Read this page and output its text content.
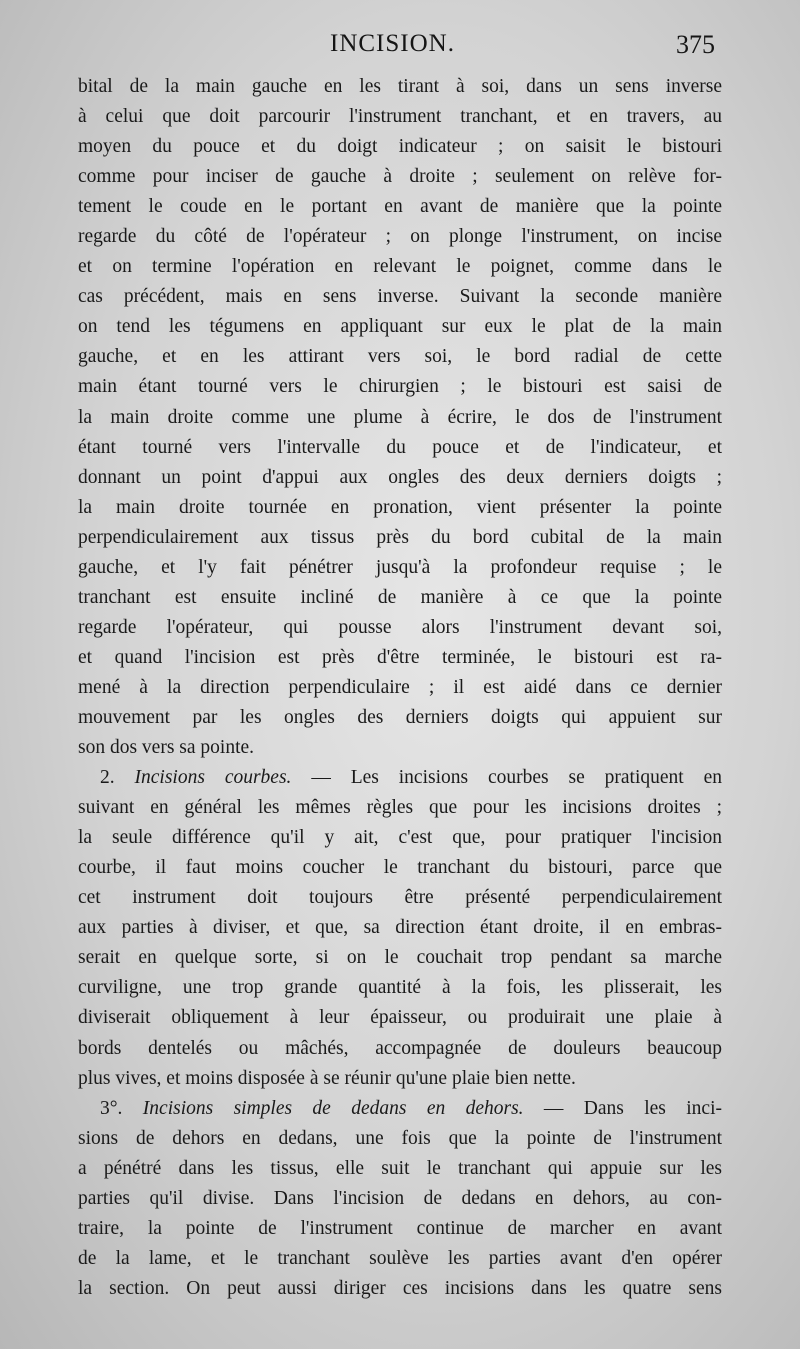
INCISION.	375
bital de la main gauche en les tirant à soi, dans un sens inverse
à celui que doit parcourir l'instrument tranchant, et en travers, au
moyen du pouce et du doigt indicateur ; on saisit le bistouri
comme pour inciser de gauche à droite ; seulement on relève for-
tement le coude en le portant en avant de manière que la pointe
regarde du côté de l'opérateur ; on plonge l'instrument, on incise
et on termine l'opération en relevant le poignet, comme dans le
cas précédent, mais en sens inverse. Suivant la seconde manière
on tend les tégumens en appliquant sur eux le plat de la main
gauche, et en les attirant vers soi, le bord radial de cette
main étant tourné vers le chirurgien ; le bistouri est saisi de
la main droite comme une plume à écrire, le dos de l'instrument
étant tourné vers l'intervalle du pouce et de l'indicateur, et
donnant un point d'appui aux ongles des deux derniers doigts ;
la main droite tournée en pronation, vient présenter la pointe
perpendiculairement aux tissus près du bord cubital de la main
gauche, et l'y fait pénétrer jusqu'à la profondeur requise ; le
tranchant est ensuite incliné de manière à ce que la pointe
regarde l'opérateur, qui pousse alors l'instrument devant soi,
et quand l'incision est près d'être terminée, le bistouri est ra-
mené à la direction perpendiculaire ; il est aidé dans ce dernier
mouvement par les ongles des derniers doigts qui appuient sur
son dos vers sa pointe.
2. Incisions courbes. — Les incisions courbes se pratiquent en
suivant en général les mêmes règles que pour les incisions droites ;
la seule différence qu'il y ait, c'est que, pour pratiquer l'incision
courbe, il faut moins coucher le tranchant du bistouri, parce que
cet instrument doit toujours être présenté perpendiculairement
aux parties à diviser, et que, sa direction étant droite, il en embras-
serait en quelque sorte, si on le couchait trop pendant sa marche
curviligne, une trop grande quantité à la fois, les plisserait, les
diviserait obliquement à leur épaisseur, ou produirait une plaie à
bords dentelés ou mâchés, accompagnée de douleurs beaucoup
plus vives, et moins disposée à se réunir qu'une plaie bien nette.
3°. Incisions simples de dedans en dehors. — Dans les inci-
sions de dehors en dedans, une fois que la pointe de l'instrument
a pénétré dans les tissus, elle suit le tranchant qui appuie sur les
parties qu'il divise. Dans l'incision de dedans en dehors, au con-
traire, la pointe de l'instrument continue de marcher en avant
de la lame, et le tranchant soulève les parties avant d'en opérer
la section. On peut aussi diriger ces incisions dans les quatre sens
